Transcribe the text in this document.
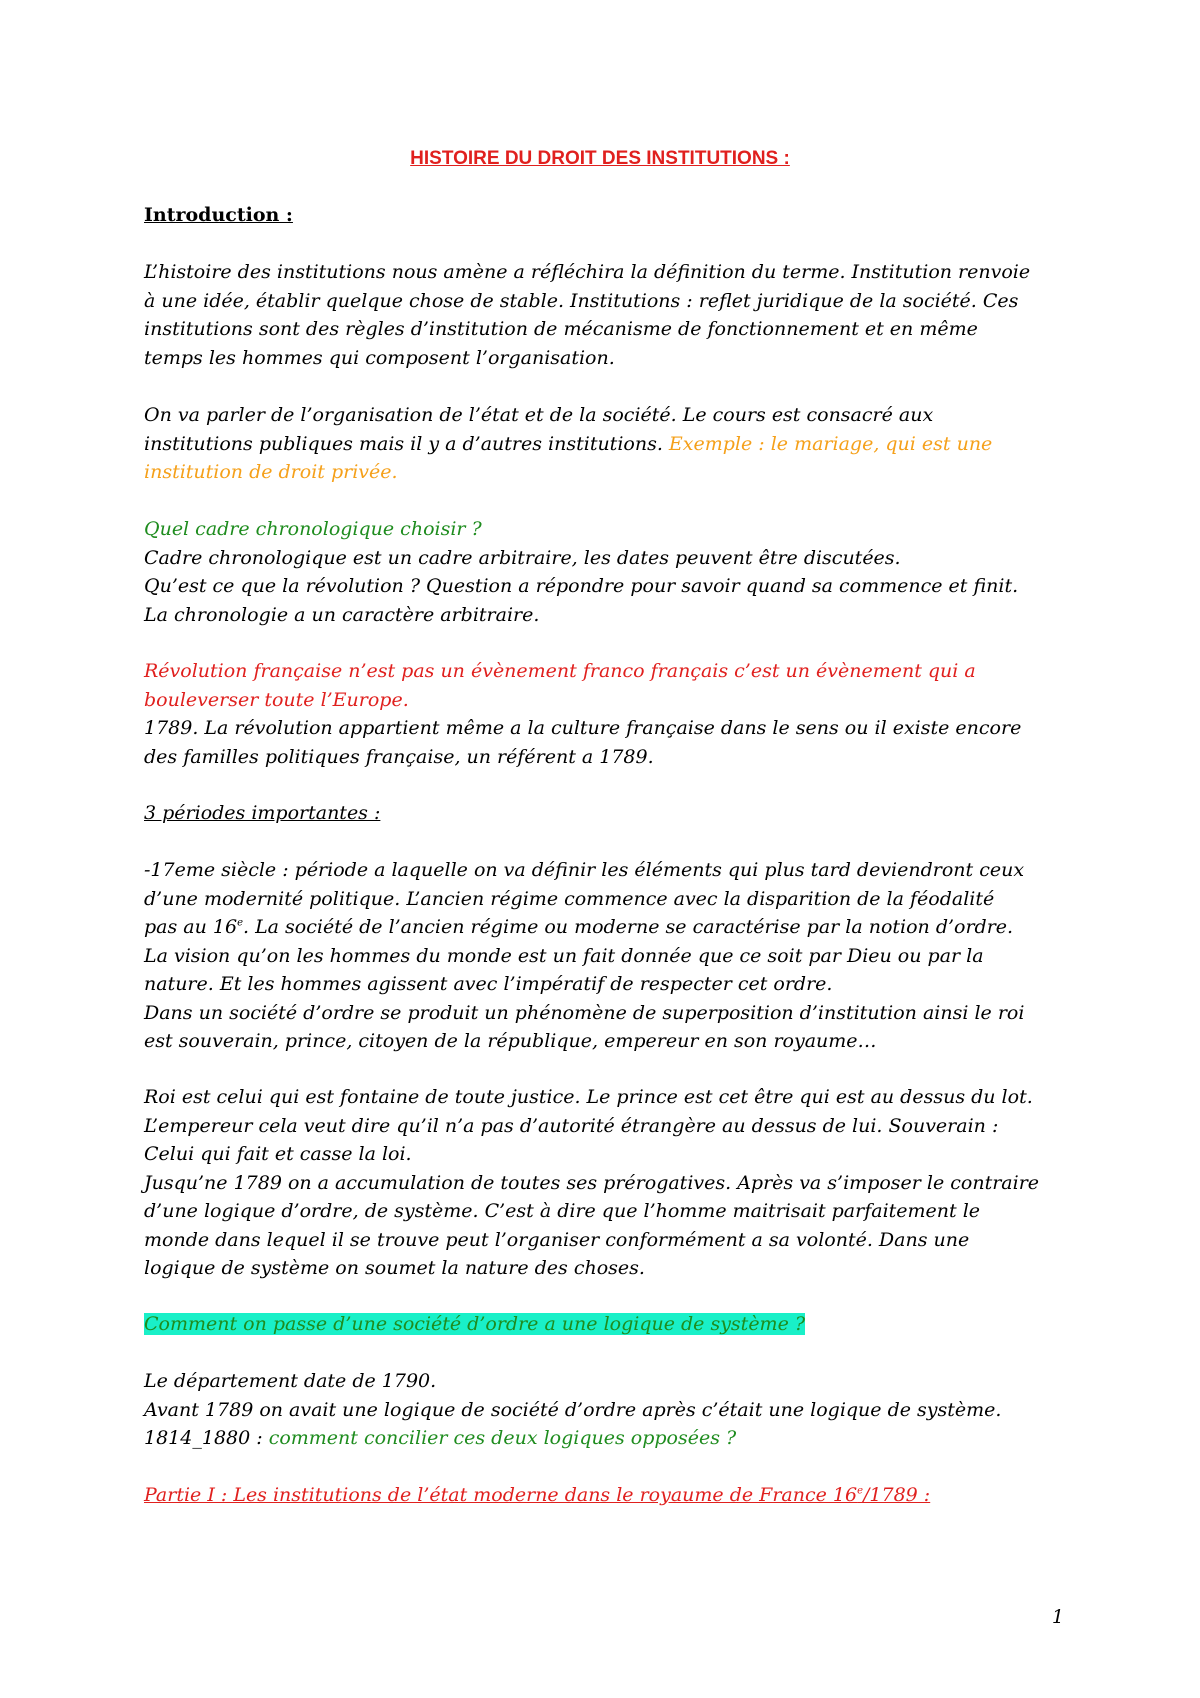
HISTOIRE DU DROIT DES INSTITUTIONS :
Introduction :
L’histoire des institutions nous amène a réfléchira la définition du terme. Institution renvoie
à une idée, établir quelque chose de stable. Institutions : reflet juridique de la société. Ces
institutions sont des règles d’institution de mécanisme de fonctionnement et en même
temps les hommes qui composent l’organisation.
On va parler de l’organisation de l’état et de la société. Le cours est consacré aux
institutions publiques mais il y a d’autres institutions. Exemple : le mariage, qui est une
institution de droit privée.
Quel cadre chronologique choisir ?
Cadre chronologique est un cadre arbitraire, les dates peuvent être discutées.
Qu’est ce que la révolution ? Question a répondre pour savoir quand sa commence et finit.
La chronologie a un caractère arbitraire.
Révolution française n’est pas un évènement franco français c’est un évènement qui a
bouleverser toute l’Europe.
1789. La révolution appartient même a la culture française dans le sens ou il existe encore
des familles politiques française, un référent a 1789.
3 périodes importantes :
-17eme siècle : période a laquelle on va définir les éléments qui plus tard deviendront ceux
d’une modernité politique. L’ancien régime commence avec la disparition de la féodalité
pas au 16e. La société de l’ancien régime ou moderne se caractérise par la notion d’ordre.
La vision qu’on les hommes du monde est un fait donnée que ce soit par Dieu ou par la
nature. Et les hommes agissent avec l’impératif de respecter cet ordre.
Dans un société d’ordre se produit un phénomène de superposition d’institution ainsi le roi
est souverain, prince, citoyen de la république, empereur en son royaume…
Roi est celui qui est fontaine de toute justice. Le prince est cet être qui est au dessus du lot.
L’empereur cela veut dire qu’il n’a pas d’autorité étrangère au dessus de lui. Souverain :
Celui qui fait et casse la loi.
Jusqu’ne 1789 on a accumulation de toutes ses prérogatives. Après va s’imposer le contraire
d’une logique d’ordre, de système. C’est à dire que l’homme maitrisait parfaitement le
monde dans lequel il se trouve peut l’organiser conformément a sa volonté. Dans une
logique de système on soumet la nature des choses.
Comment on passe d’une société d’ordre a une logique de système ?
Le département date de 1790.
Avant 1789 on avait une logique de société d’ordre après c’était une logique de système.
1814_1880 : comment concilier ces deux logiques opposées ?
Partie I : Les institutions de l’état moderne dans le royaume de France 16e/1789 :
1
